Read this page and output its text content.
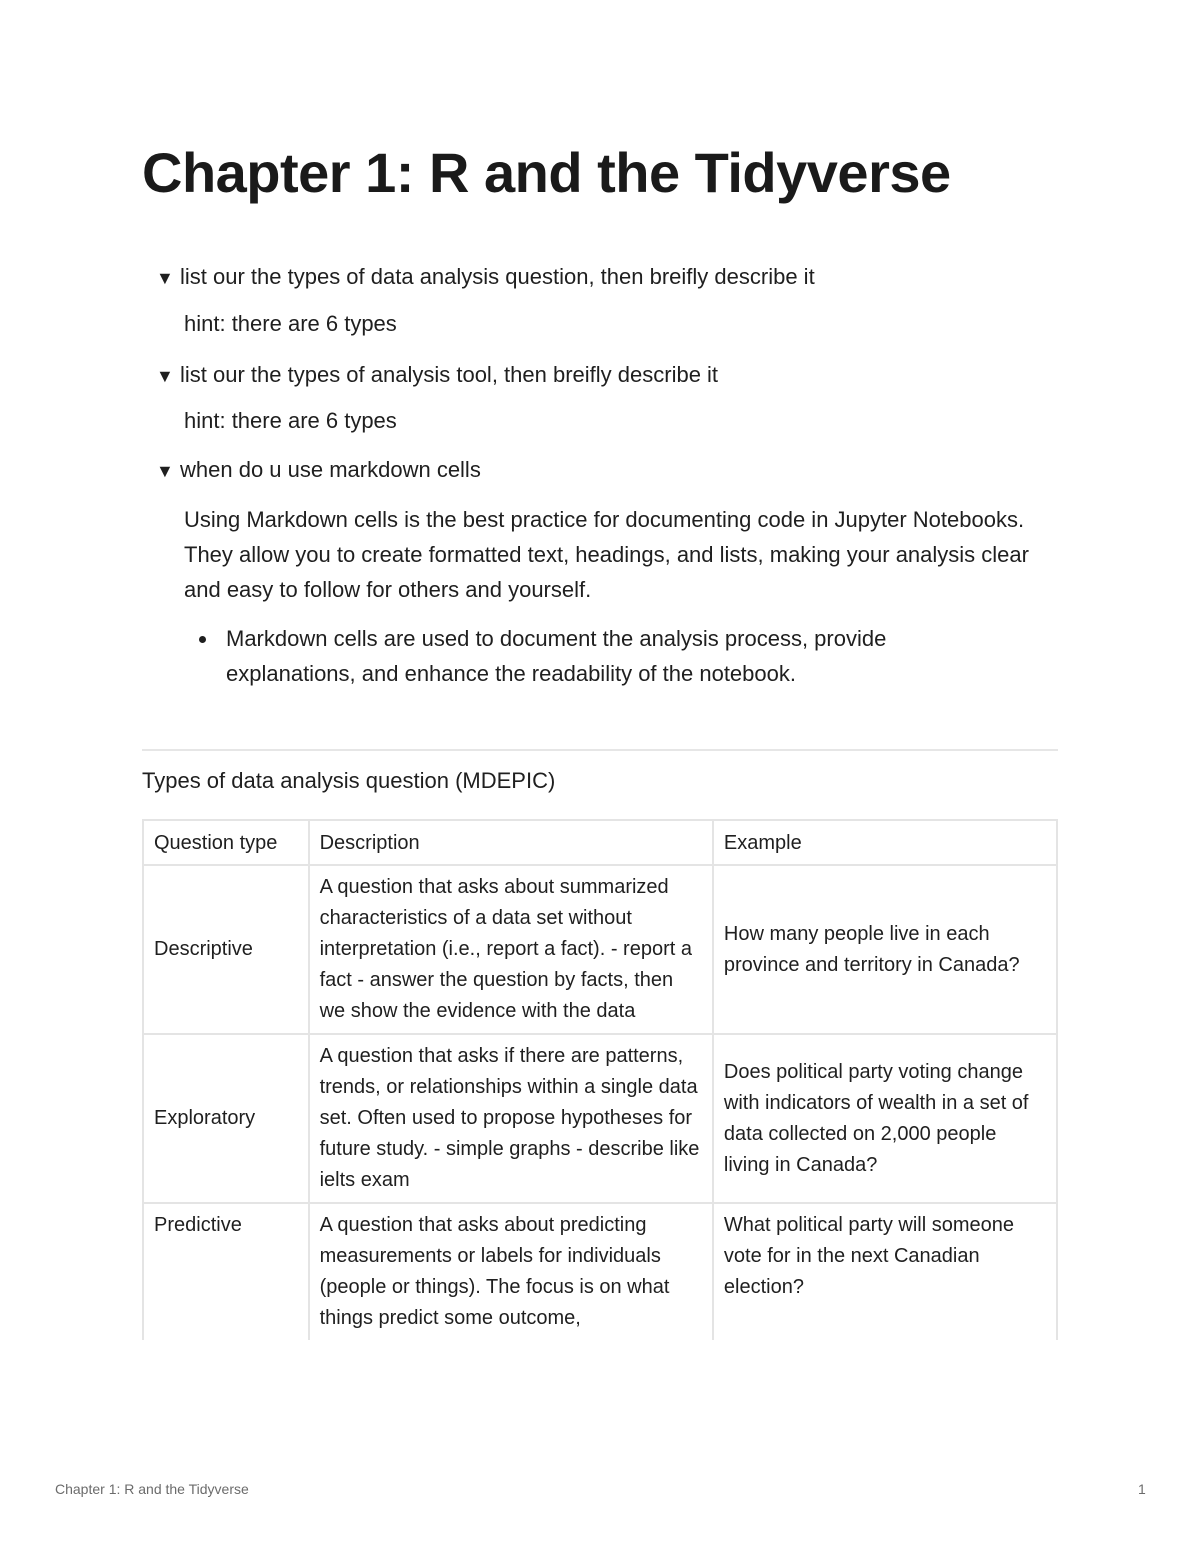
Chapter 1: R and the Tidyverse
▼ list our the types of data analysis question, then breifly describe it
hint: there are 6 types
▼ list our the types of analysis tool, then breifly describe it
hint: there are 6 types
▼ when do u use markdown cells

Using Markdown cells is the best practice for documenting code in Jupyter Notebooks. They allow you to create formatted text, headings, and lists, making your analysis clear and easy to follow for others and yourself.

Markdown cells are used to document the analysis process, provide explanations, and enhance the readability of the notebook.
Types of data analysis question (MDEPIC)
Question type	Description	Example
Descriptive	A question that asks about summarized characteristics of a data set without interpretation (i.e., report a fact). - report a fact - answer the question by facts, then we show the evidence with the data	How many people live in each province and territory in Canada?
Exploratory	A question that asks if there are patterns, trends, or relationships within a single data set. Often used to propose hypotheses for future study. - simple graphs - describe like ielts exam	Does political party voting change with indicators of wealth in a set of data collected on 2,000 people living in Canada?
Predictive	A question that asks about predicting measurements or labels for individuals (people or things). The focus is on what things predict some outcome,	What political party will someone vote for in the next Canadian election?
Chapter 1: R and the Tidyverse	1
